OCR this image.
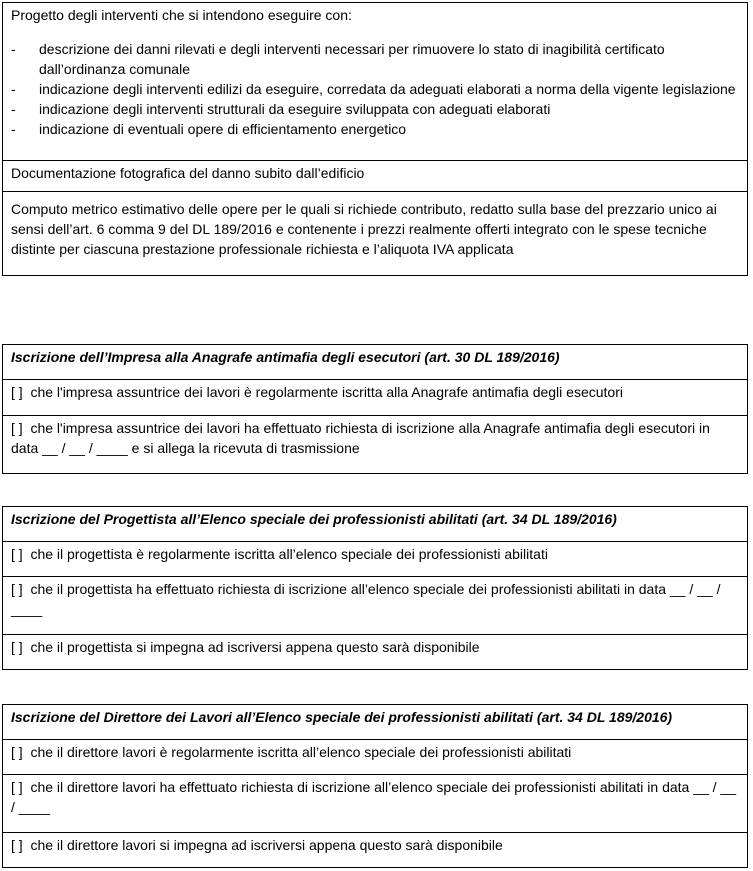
Progetto degli interventi che si intendono eseguire con:
-	descrizione dei danni rilevati e degli interventi necessari per rimuovere lo stato di inagibilità certificato dall’ordinanza comunale
-	indicazione degli interventi edilizi da eseguire, corredata da adeguati elaborati a norma della vigente legislazione
-	indicazione degli interventi strutturali da eseguire sviluppata con adeguati elaborati
-	indicazione di eventuali opere di efficientamento energetico
Documentazione fotografica del danno subito dall’edificio
Computo metrico estimativo delle opere per le quali si richiede contributo, redatto sulla base del prezzario unico ai sensi dell’art. 6 comma 9 del DL 189/2016 e contenente i prezzi realmente offerti integrato con le spese tecniche distinte per ciascuna prestazione professionale richiesta e l’aliquota IVA applicata
Iscrizione dell’Impresa alla Anagrafe antimafia degli esecutori (art. 30 DL 189/2016)
[ ]  che l'impresa assuntrice dei lavori è regolarmente iscritta alla Anagrafe antimafia degli esecutori
[ ]  che l'impresa assuntrice dei lavori ha effettuato richiesta di iscrizione alla Anagrafe antimafia degli esecutori in data __ / __ / ____ e si allega la ricevuta di trasmissione
Iscrizione del Progettista all’Elenco speciale dei professionisti abilitati (art. 34 DL 189/2016)
[ ]  che il progettista è regolarmente iscritta all’elenco speciale dei professionisti abilitati
[ ]  che il progettista ha effettuato richiesta di iscrizione all’elenco speciale dei professionisti abilitati in data __ / __ / ____
[ ]  che il progettista si impegna ad iscriversi appena questo sarà disponibile
Iscrizione del Direttore dei Lavori all’Elenco speciale dei professionisti abilitati (art. 34 DL 189/2016)
[ ]  che il direttore lavori è regolarmente iscritta all’elenco speciale dei professionisti abilitati
[ ]  che il direttore lavori ha effettuato richiesta di iscrizione all’elenco speciale dei professionisti abilitati in data __ / __ / ____
[ ]  che il direttore lavori si impegna ad iscriversi appena questo sarà disponibile
